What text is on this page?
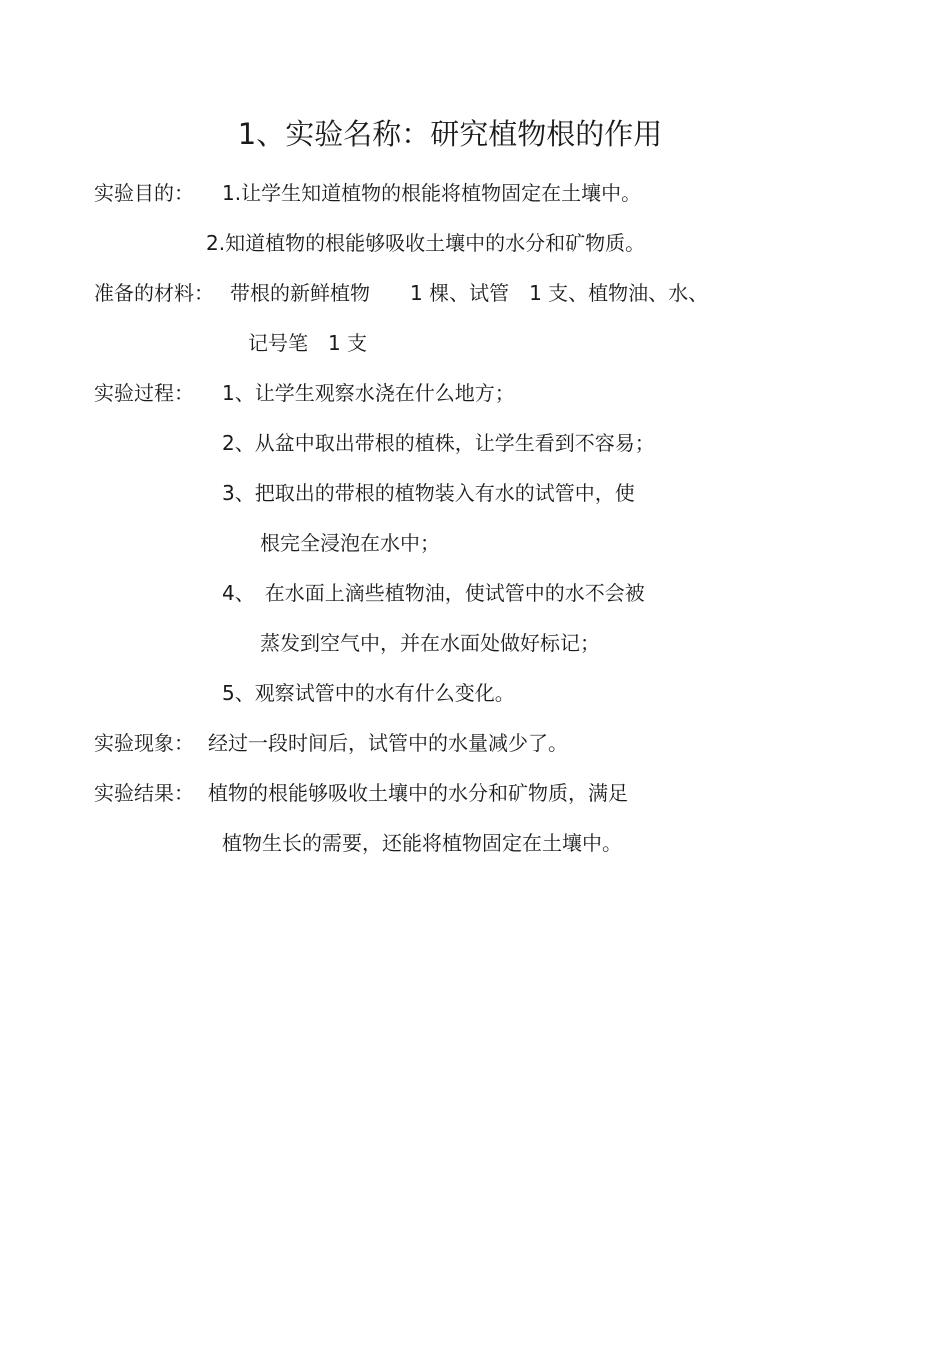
1、实验名称：研究植物根的作用
实验目的： 1.让学生知道植物的根能将植物固定在土壤中。
2.知道植物的根能够吸收土壤中的水分和矿物质。
准备的材料： 带根的新鲜植物　　1 棵、试管　1 支、植物油、水、
记号笔　1 支
实验过程： 1、让学生观察水浇在什么地方；
2、从盆中取出带根的植株，让学生看到不容易；
3、把取出的带根的植物装入有水的试管中，使
根完全浸泡在水中；
4、　在水面上滴些植物油，使试管中的水不会被
蒸发到空气中，并在水面处做好标记；
5、观察试管中的水有什么变化。
实验现象： 经过一段时间后，试管中的水量减少了。
实验结果： 植物的根能够吸收土壤中的水分和矿物质，满足
植物生长的需要，还能将植物固定在土壤中。
